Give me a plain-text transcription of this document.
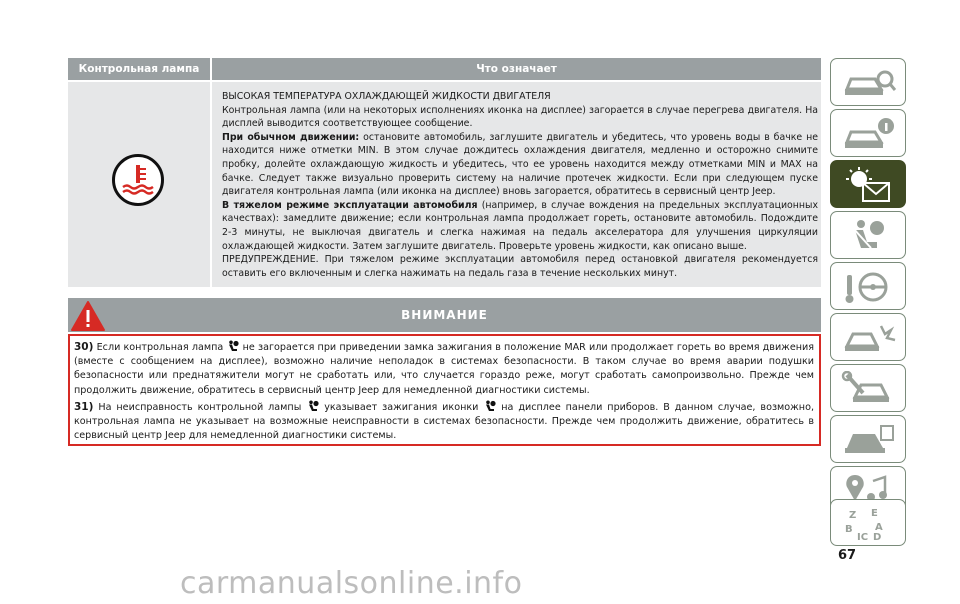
Контрольная лампа	Что означает

ВЫСОКАЯ ТЕМПЕРАТУРА ОХЛАЖДАЮЩЕЙ ЖИДКОСТИ ДВИГАТЕЛЯ

Контрольная лампа (или на некоторых исполнениях иконка на дисплее) загорается в случае перегрева двигателя. На дисплей выводится соответствующее сообщение.

При обычном движении: остановите автомобиль, заглушите двигатель и убедитесь, что уровень воды в бачке не находится ниже отметки MIN. В этом случае дождитесь охлаждения двигателя, медленно и осторожно снимите пробку, долейте охлаждающую жидкость и убедитесь, что ее уровень находится между отметками MIN и MAX на бачке. Следует также визуально проверить систему на наличие протечек жидкости. Если при следующем пуске двигателя контрольная лампа (или иконка на дисплее) вновь загорается, обратитесь в сервисный центр Jeep.

В тяжелом режиме эксплуатации автомобиля (например, в случае вождения на предельных эксплуатационных качествах): замедлите движение; если контрольная лампа продолжает гореть, остановите автомобиль. Подождите 2-3 минуты, не выключая двигатель и слегка нажимая на педаль акселератора для улучшения циркуляции охлаждающей жидкости. Затем заглушите двигатель. Проверьте уровень жидкости, как описано выше.

ПРЕДУПРЕЖДЕНИЕ. При тяжелом режиме эксплуатации автомобиля перед остановкой двигателя рекомендуется оставить его включенным и слегка нажимать на педаль газа в течение нескольких минут.

ВНИМАНИЕ

30) Если контрольная лампа не загорается при приведении замка зажигания в положение MAR или продолжает гореть во время движения (вместе с сообщением на дисплее), возможно наличие неполадок в системах безопасности. В таком случае во время аварии подушки безопасности или преднатяжители могут не сработать или, что случается гораздо реже, могут сработать самопроизвольно. Прежде чем продолжить движение, обратитесь в сервисный центр Jeep для немедленной диагностики системы.

31) На неисправность контрольной лампы указывает зажигания иконки на дисплее панели приборов. В данном случае, возможно, контрольная лампа не указывает на возможные неисправности в системах безопасности. Прежде чем продолжить движение, обратитесь в сервисный центр Jeep для немедленной диагностики системы.

Z E
B A
IC D
67
carmanualsonline.info
